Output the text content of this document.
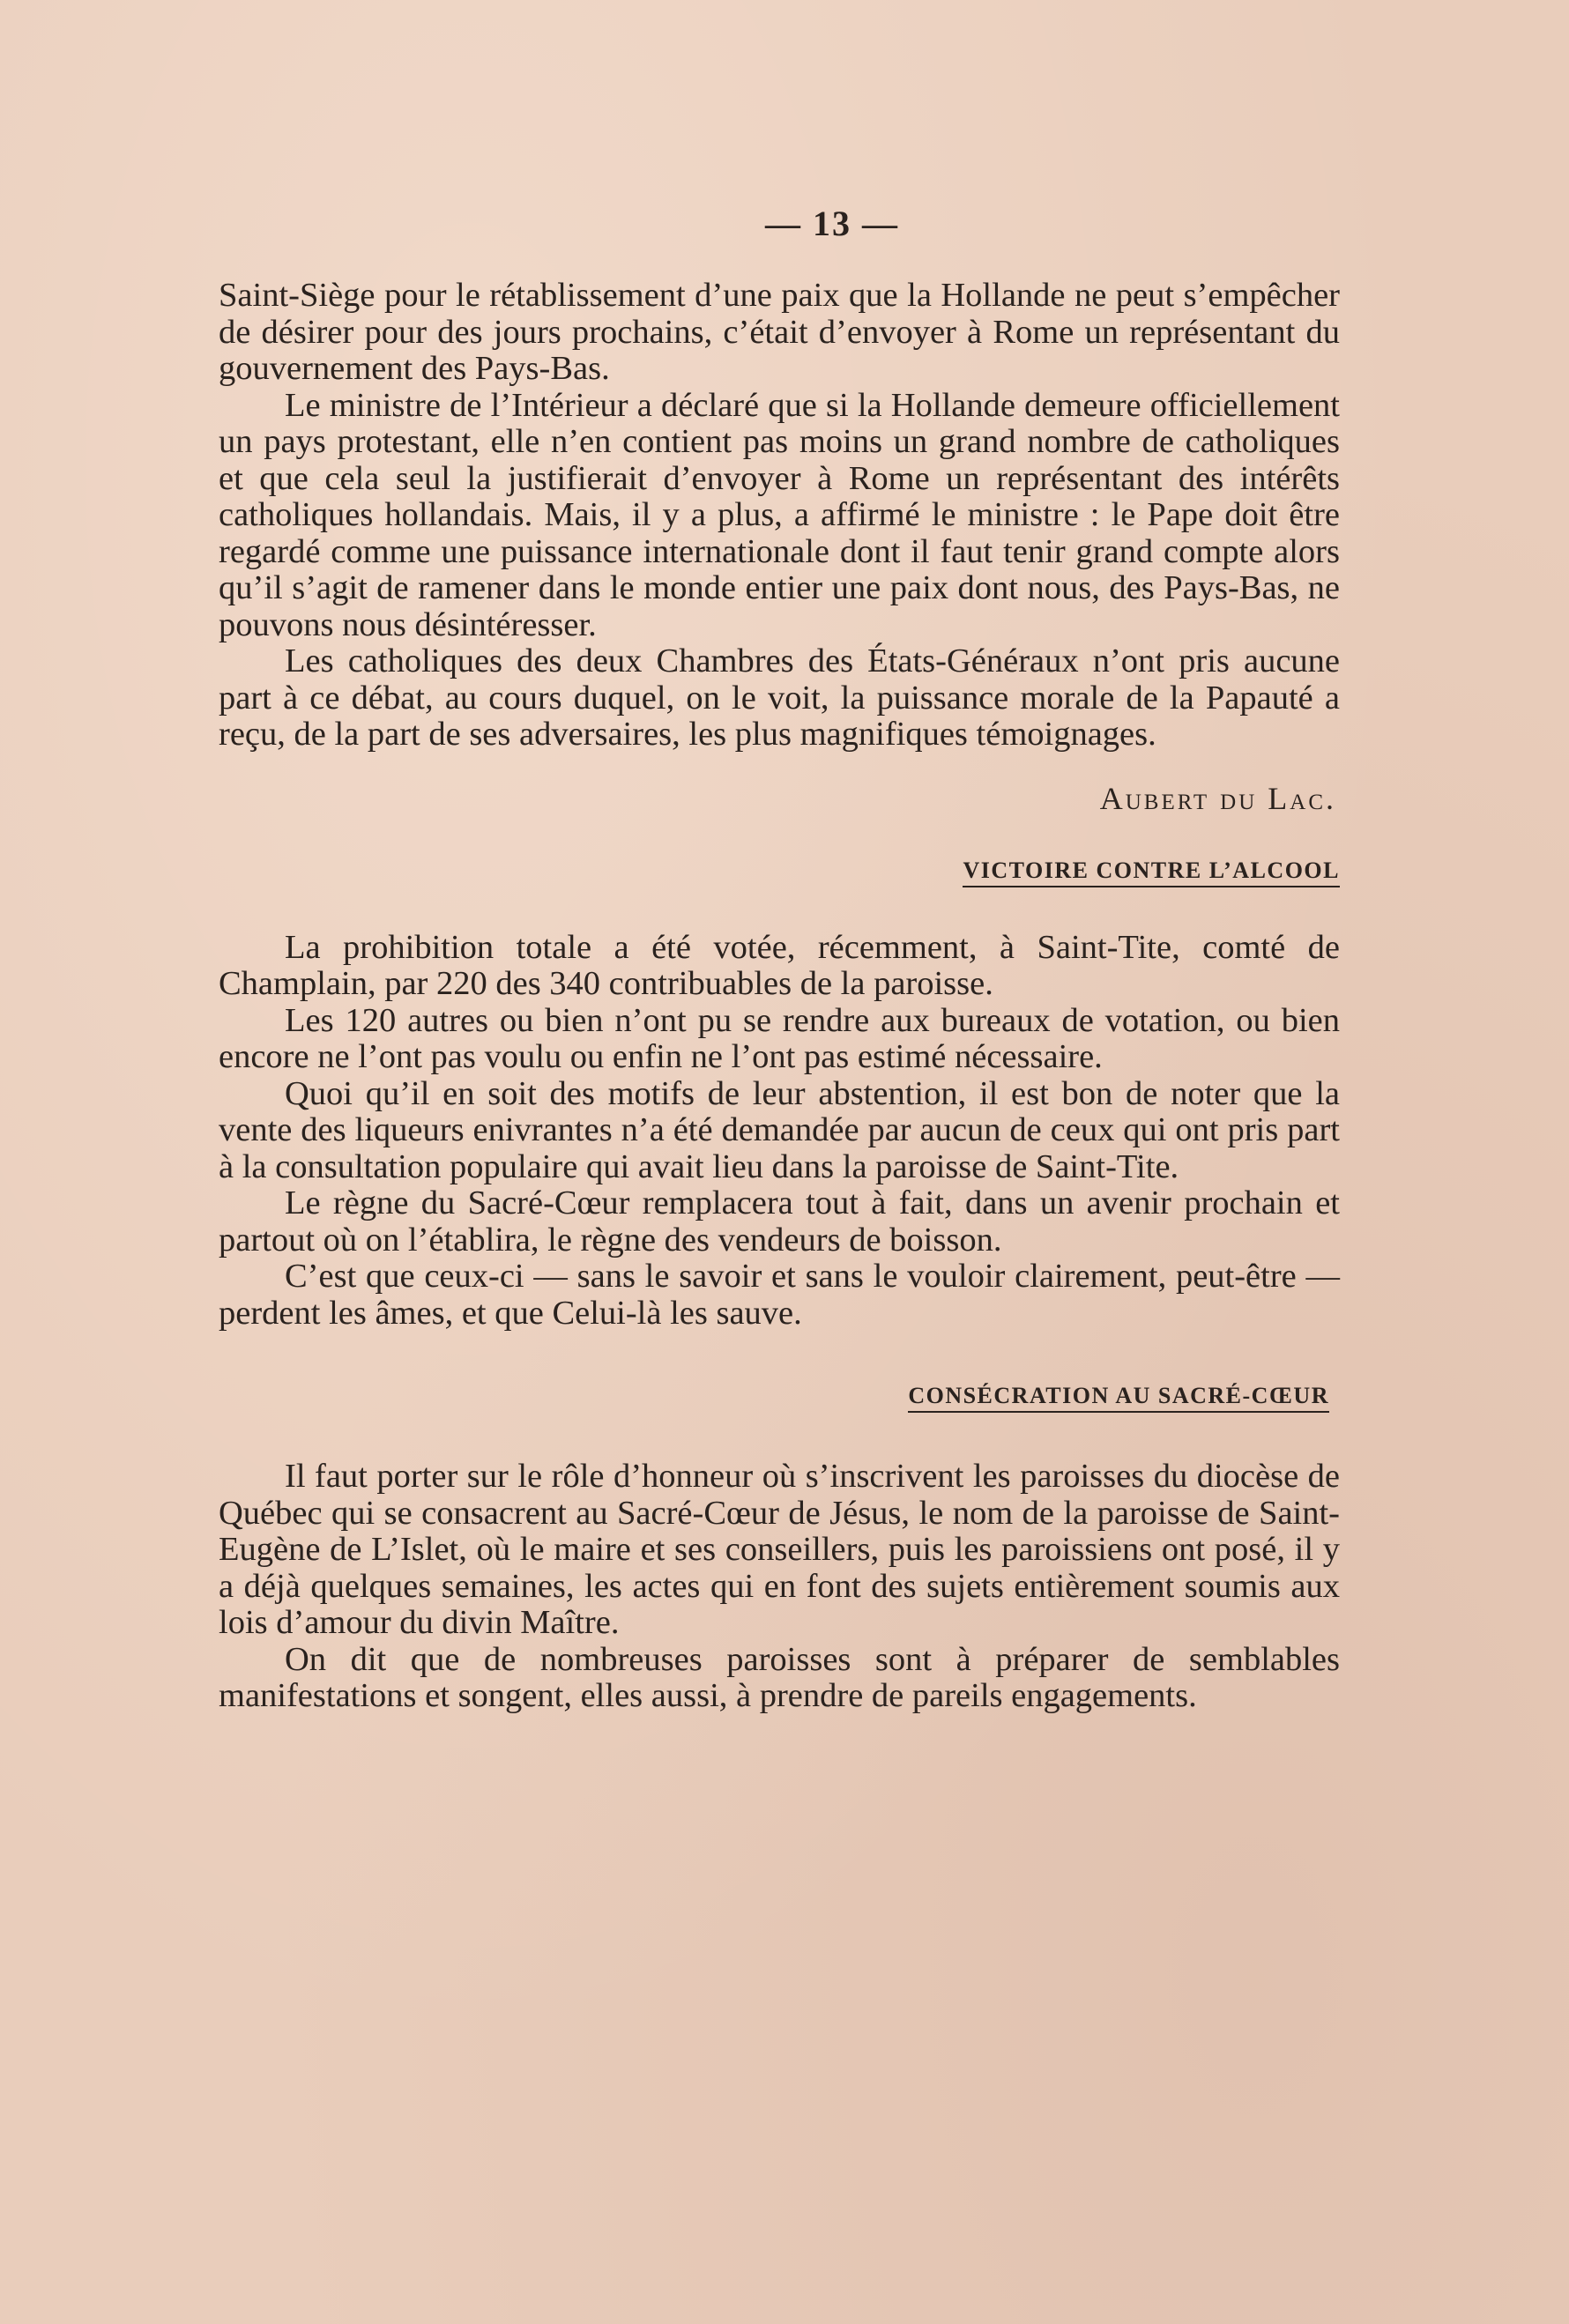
— 13 —

Saint-Siège pour le rétablissement d’une paix que la Hollande ne peut s’empêcher de désirer pour des jours prochains, c’était d’envoyer à Rome un représentant du gouvernement des Pays-Bas.

Le ministre de l’Intérieur a déclaré que si la Hollande demeure officiellement un pays protestant, elle n’en contient pas moins un grand nombre de catholiques et que cela seul la justifierait d’envoyer à Rome un représentant des intérêts catholiques hollandais. Mais, il y a plus, a affirmé le ministre : le Pape doit être regardé comme une puissance internationale dont il faut tenir grand compte alors qu’il s’agit de ramener dans le monde entier une paix dont nous, des Pays-Bas, ne pouvons nous désintéresser.

Les catholiques des deux Chambres des États-Généraux n’ont pris aucune part à ce débat, au cours duquel, on le voit, la puissance morale de la Papauté a reçu, de la part de ses adversaires, les plus magnifiques témoignages.

Aubert du Lac.
VICTOIRE CONTRE L’ALCOOL

La prohibition totale a été votée, récemment, à Saint-Tite, comté de Champlain, par 220 des 340 contribuables de la paroisse.

Les 120 autres ou bien n’ont pu se rendre aux bureaux de votation, ou bien encore ne l’ont pas voulu ou enfin ne l’ont pas estimé nécessaire.

Quoi qu’il en soit des motifs de leur abstention, il est bon de noter que la vente des liqueurs enivrantes n’a été demandée par aucun de ceux qui ont pris part à la consultation populaire qui avait lieu dans la paroisse de Saint-Tite.

Le règne du Sacré-Cœur remplacera tout à fait, dans un avenir prochain et partout où on l’établira, le règne des vendeurs de boisson.

C’est que ceux-ci — sans le savoir et sans le vouloir clairement, peut-être — perdent les âmes, et que Celui-là les sauve.

CONSÉCRATION AU SACRÉ-CŒUR

Il faut porter sur le rôle d’honneur où s’inscrivent les paroisses du diocèse de Québec qui se consacrent au Sacré-Cœur de Jésus, le nom de la paroisse de Saint-Eugène de L’Islet, où le maire et ses conseillers, puis les paroissiens ont posé, il y a déjà quelques semaines, les actes qui en font des sujets entièrement soumis aux lois d’amour du divin Maître.

On dit que de nombreuses paroisses sont à préparer de semblables manifestations et songent, elles aussi, à prendre de pareils engagements.
